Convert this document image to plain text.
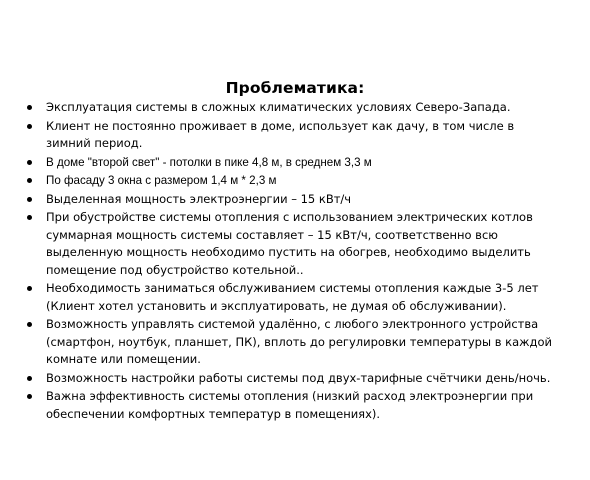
Проблематика:
Эксплуатация системы в сложных климатических условиях Северо-Запада.
Клиент не постоянно проживает в доме, использует как дачу, в том числе в зимний период.
В доме "второй свет" - потолки в пике 4,8 м, в среднем 3,3 м
По фасаду 3 окна с размером 1,4 м * 2,3 м
Выделенная мощность электроэнергии – 15 кВт/ч
При обустройстве системы отопления с использованием электрических котлов суммарная мощность системы составляет – 15 кВт/ч, соответственно всю выделенную мощность необходимо пустить на обогрев, необходимо выделить помещение под обустройство котельной..
Необходимость заниматься обслуживанием системы отопления каждые 3-5 лет (Клиент хотел установить и эксплуатировать, не думая об обслуживании).
Возможность управлять системой удалённо, с любого электронного устройства (смартфон, ноутбук, планшет, ПК), вплоть до регулировки температуры в каждой комнате или помещении.
Возможность настройки работы системы под двух-тарифные счётчики день/ночь.
Важна эффективность системы отопления (низкий расход электроэнергии при обеспечении комфортных температур в помещениях).
